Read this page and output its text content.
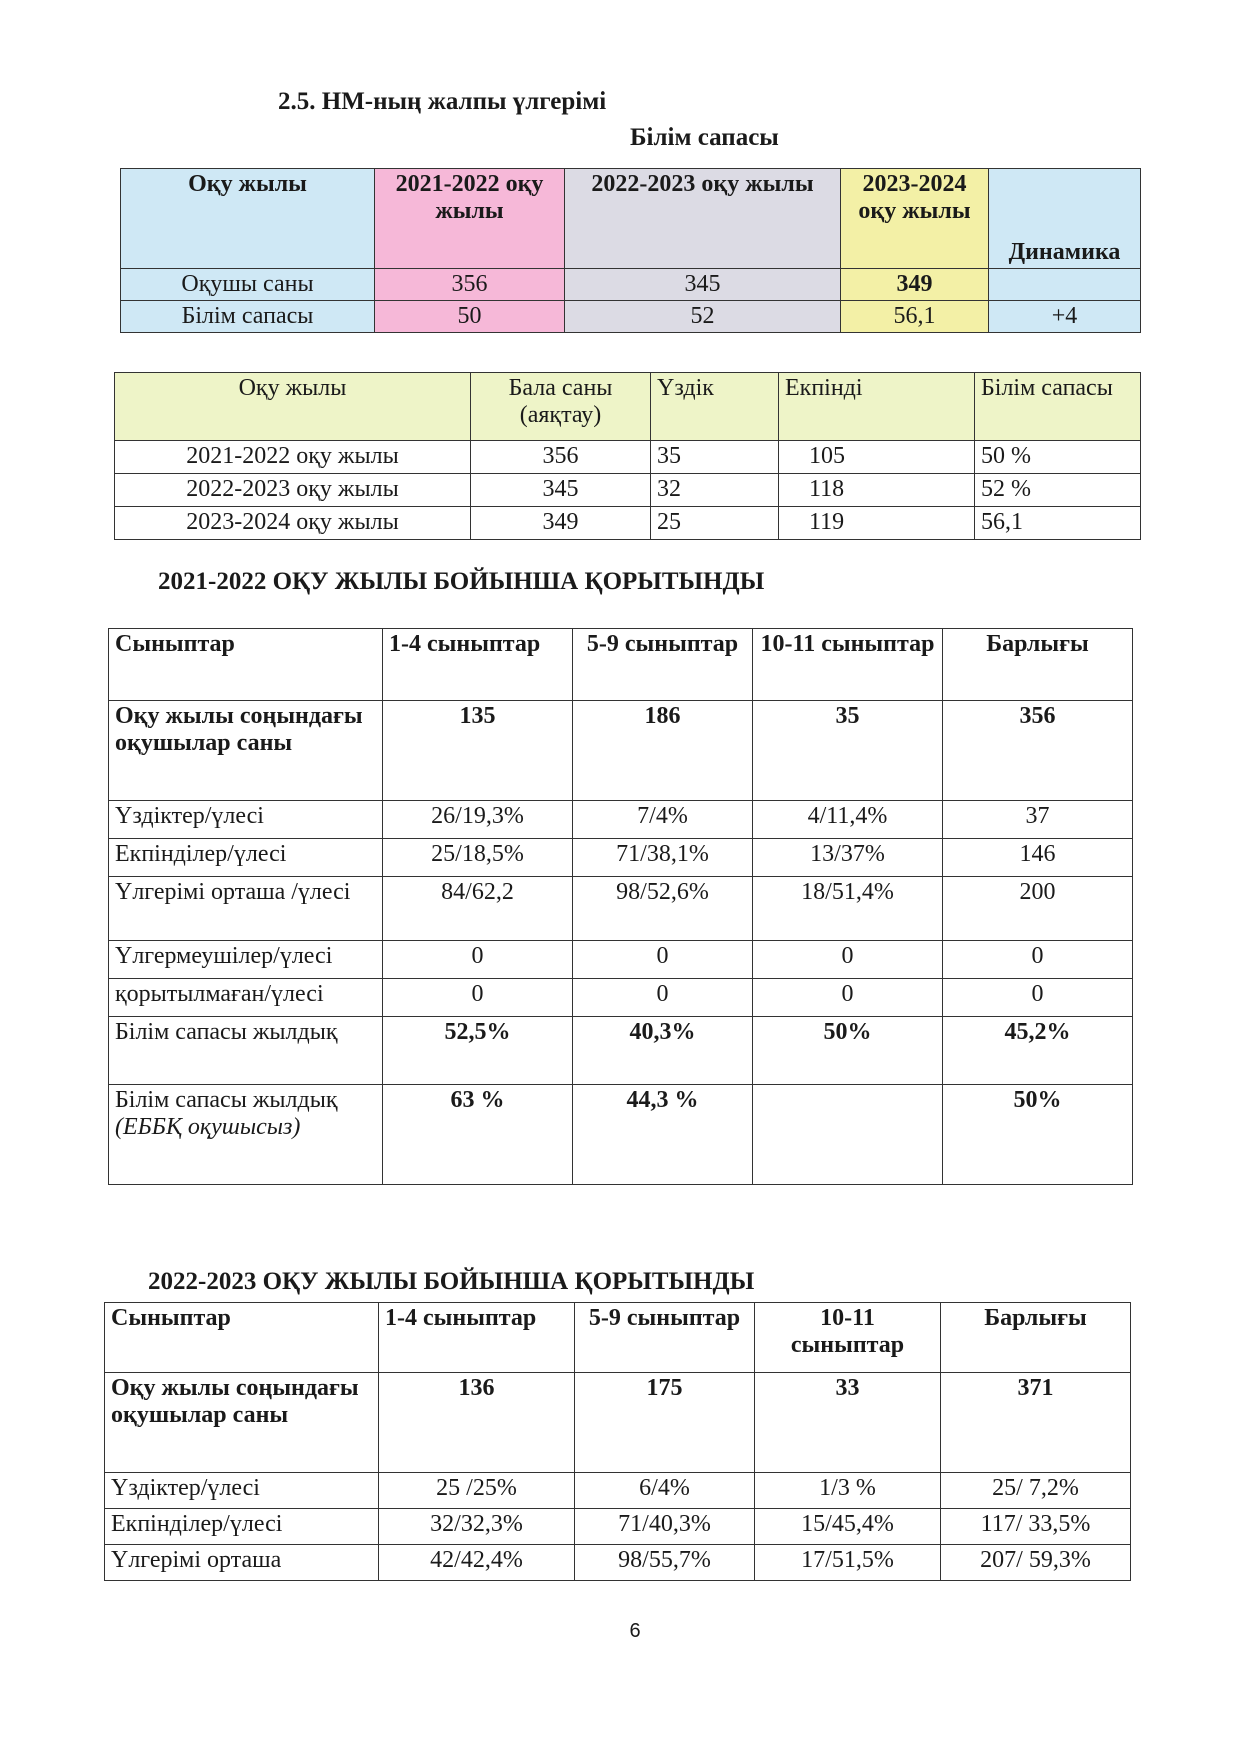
2.5. НМ-ның жалпы үлгерімі
Білім сапасы
Оқу жылы	2021-2022 оқу жылы	2022-2023 оқу жылы	2023-2024 оқу жылы	Динамика
Оқушы саны	356	345	349	
Білім сапасы	50	52	56,1	+4
Оқу жылы	Бала саны (аяқтау)	Үздік	Екпінді	Білім сапасы
2021-2022 оқу жылы	356	35	105	50 %
2022-2023 оқу жылы	345	32	118	52 %
2023-2024 оқу жылы	349	25	119	56,1
2021-2022 ОҚУ ЖЫЛЫ БОЙЫНША ҚОРЫТЫНДЫ
Сыныптар	1-4 сыныптар	5-9 сыныптар	10-11 сыныптар	Барлығы
Оқу жылы соңындағы оқушылар саны	135	186	35	356
Үздіктер/үлесі	26/19,3%	7/4%	4/11,4%	37
Екпінділер/үлесі	25/18,5%	71/38,1%	13/37%	146
Үлгерімі орташа /үлесі	84/62,2	98/52,6%	18/51,4%	200
Үлгермеушілер/үлесі	0	0	0	0
қорытылмаған/үлесі	0	0	0	0
Білім сапасы жылдық	52,5%	40,3%	50%	45,2%
Білім сапасы жылдық (ЕББҚ оқушысыз)	63 %	44,3 %		50%
2022-2023 ОҚУ ЖЫЛЫ БОЙЫНША ҚОРЫТЫНДЫ
Сыныптар	1-4 сыныптар	5-9 сыныптар	10-11 сыныптар	Барлығы
Оқу жылы соңындағы оқушылар саны	136	175	33	371
Үздіктер/үлесі	25 /25%	6/4%	1/3 %	25/ 7,2%
Екпінділер/үлесі	32/32,3%	71/40,3%	15/45,4%	117/ 33,5%
Үлгерімі орташа	42/42,4%	98/55,7%	17/51,5%	207/ 59,3%
6
